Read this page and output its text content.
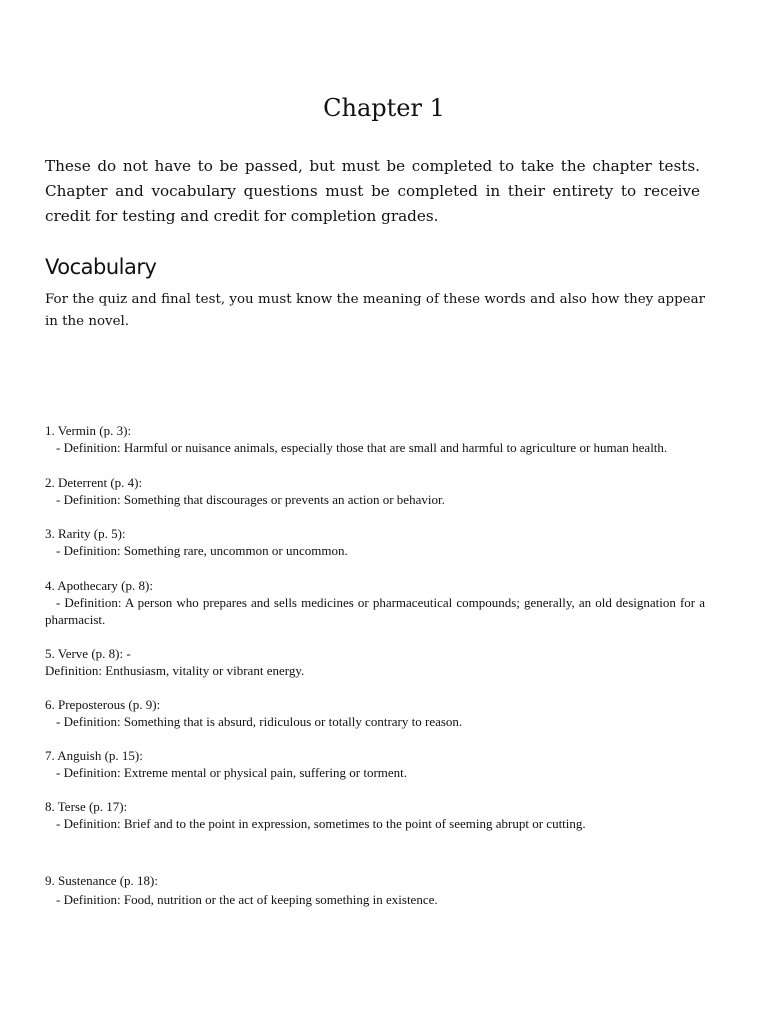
Chapter 1

These do not have to be passed, but must be completed to take the chapter tests. Chapter and vocabulary questions must be completed in their entirety to receive credit for testing and credit for completion grades.

Vocabulary

For the quiz and final test, you must know the meaning of these words and also how they appear in the novel.

1. Vermin (p. 3):
- Definition: Harmful or nuisance animals, especially those that are small and harmful to agriculture or human health.
2. Deterrent (p. 4):
- Definition: Something that discourages or prevents an action or behavior.
3. Rarity (p. 5):
- Definition: Something rare, uncommon or uncommon.
4. Apothecary (p. 8):
- Definition: A person who prepares and sells medicines or pharmaceutical compounds; generally, an old designation for a pharmacist.
5. Verve (p. 8): -
Definition: Enthusiasm, vitality or vibrant energy.
6. Preposterous (p. 9):
- Definition: Something that is absurd, ridiculous or totally contrary to reason.
7. Anguish (p. 15):
- Definition: Extreme mental or physical pain, suffering or torment.
8. Terse (p. 17):
- Definition: Brief and to the point in expression, sometimes to the point of seeming abrupt or cutting.
9. Sustenance (p. 18):
- Definition: Food, nutrition or the act of keeping something in existence.
